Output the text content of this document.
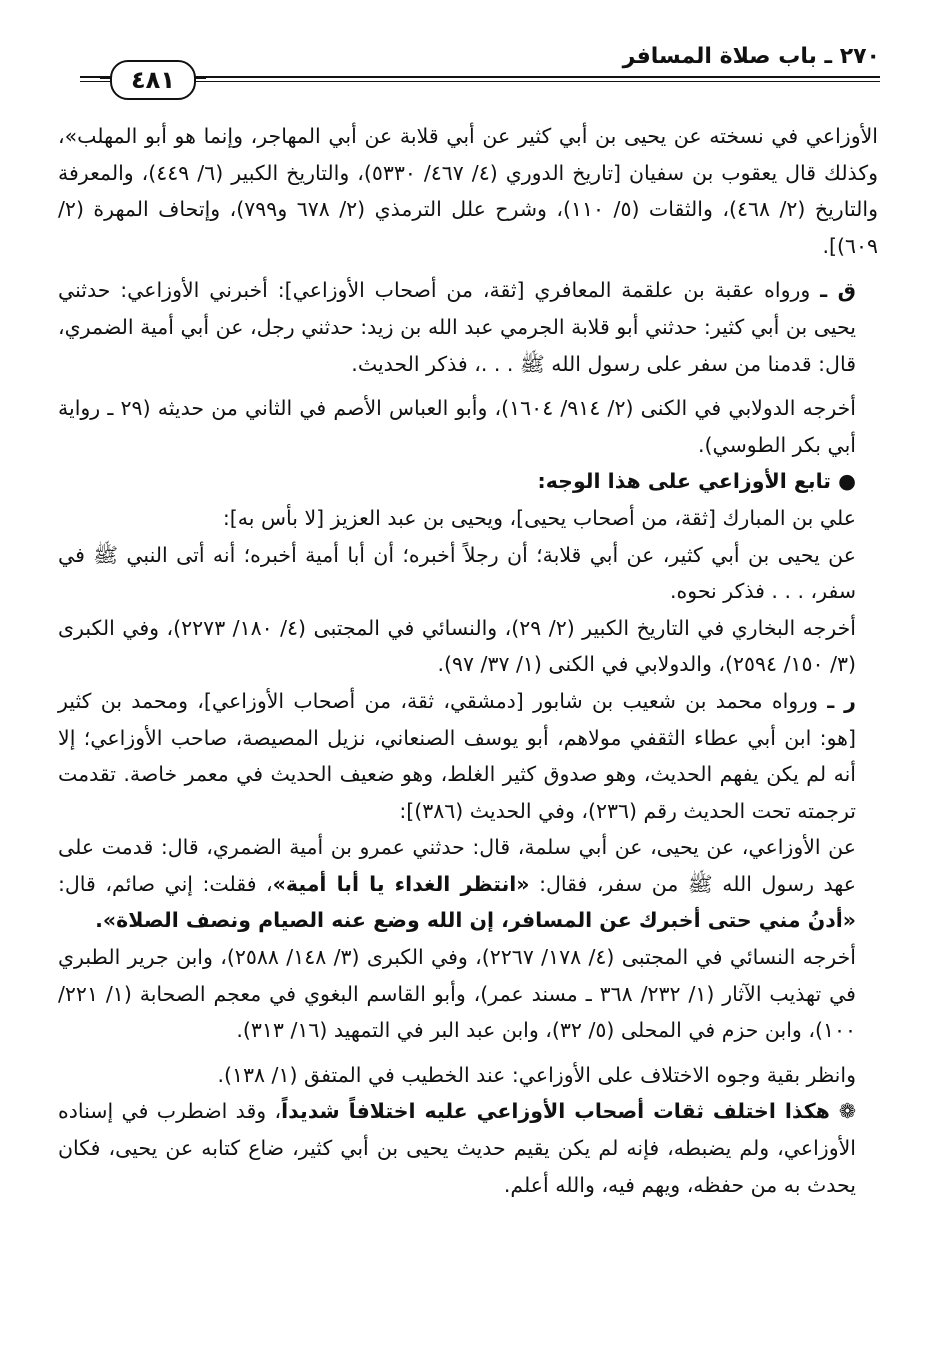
٢٧٠ ـ باب صلاة المسافر
٤٨١

الأوزاعي في نسخته عن يحيى بن أبي كثير عن أبي قلابة عن أبي المهاجر، وإنما هو أبو المهلب»، وكذلك قال يعقوب بن سفيان [تاريخ الدوري (٤/ ٤٦٧/ ٥٣٣٠)، والتاريخ الكبير (٦/ ٤٤٩)، والمعرفة والتاريخ (٢/ ٤٦٨)، والثقات (٥/ ١١٠)، وشرح علل الترمذي (٢/ ٦٧٨ و٧٩٩)، وإتحاف المهرة (٢/ ٦٠٩)].

ق ـ ورواه عقبة بن علقمة المعافري [ثقة، من أصحاب الأوزاعي]: أخبرني الأوزاعي: حدثني يحيى بن أبي كثير: حدثني أبو قلابة الجرمي عبد الله بن زيد: حدثني رجل، عن أبي أمية الضمري، قال: قدمنا من سفر على رسول الله ﷺ . . .، فذكر الحديث.

أخرجه الدولابي في الكنى (٢/ ٩١٤/ ١٦٠٤)، وأبو العباس الأصم في الثاني من حديثه (٢٩ ـ رواية أبي بكر الطوسي).

● تابع الأوزاعي على هذا الوجه:

علي بن المبارك [ثقة، من أصحاب يحيى]، ويحيى بن عبد العزيز [لا بأس به]:

عن يحيى بن أبي كثير، عن أبي قلابة؛ أن رجلاً أخبره؛ أن أبا أمية أخبره؛ أنه أتى النبي ﷺ في سفر، . . . فذكر نحوه.

أخرجه البخاري في التاريخ الكبير (٢/ ٢٩)، والنسائي في المجتبى (٤/ ١٨٠/ ٢٢٧٣)، وفي الكبرى (٣/ ١٥٠/ ٢٥٩٤)، والدولابي في الكنى (١/ ٣٧/ ٩٧).

ر ـ ورواه محمد بن شعيب بن شابور [دمشقي، ثقة، من أصحاب الأوزاعي]، ومحمد بن كثير [هو: ابن أبي عطاء الثقفي مولاهم، أبو يوسف الصنعاني، نزيل المصيصة، صاحب الأوزاعي؛ إلا أنه لم يكن يفهم الحديث، وهو صدوق كثير الغلط، وهو ضعيف الحديث في معمر خاصة. تقدمت ترجمته تحت الحديث رقم (٢٣٦)، وفي الحديث (٣٨٦)]:

عن الأوزاعي، عن يحيى، عن أبي سلمة، قال: حدثني عمرو بن أمية الضمري، قال: قدمت على عهد رسول الله ﷺ من سفر، فقال: «انتظر الغداء يا أبا أمية»، فقلت: إني صائم، قال: «أدنُ مني حتى أخبرك عن المسافر، إن الله وضع عنه الصيام ونصف الصلاة».

أخرجه النسائي في المجتبى (٤/ ١٧٨/ ٢٢٦٧)، وفي الكبرى (٣/ ١٤٨/ ٢٥٨٨)، وابن جرير الطبري في تهذيب الآثار (١/ ٢٣٢/ ٣٦٨ ـ مسند عمر)، وأبو القاسم البغوي في معجم الصحابة (١/ ٢٢١/ ١٠٠)، وابن حزم في المحلى (٥/ ٣٢)، وابن عبد البر في التمهيد (١٦/ ٣١٣).

وانظر بقية وجوه الاختلاف على الأوزاعي: عند الخطيب في المتفق (١/ ١٣٨).

❁ هكذا اختلف ثقات أصحاب الأوزاعي عليه اختلافاً شديداً، وقد اضطرب في إسناده الأوزاعي، ولم يضبطه، فإنه لم يكن يقيم حديث يحيى بن أبي كثير، ضاع كتابه عن يحيى، فكان يحدث به من حفظه، ويهم فيه، والله أعلم.
